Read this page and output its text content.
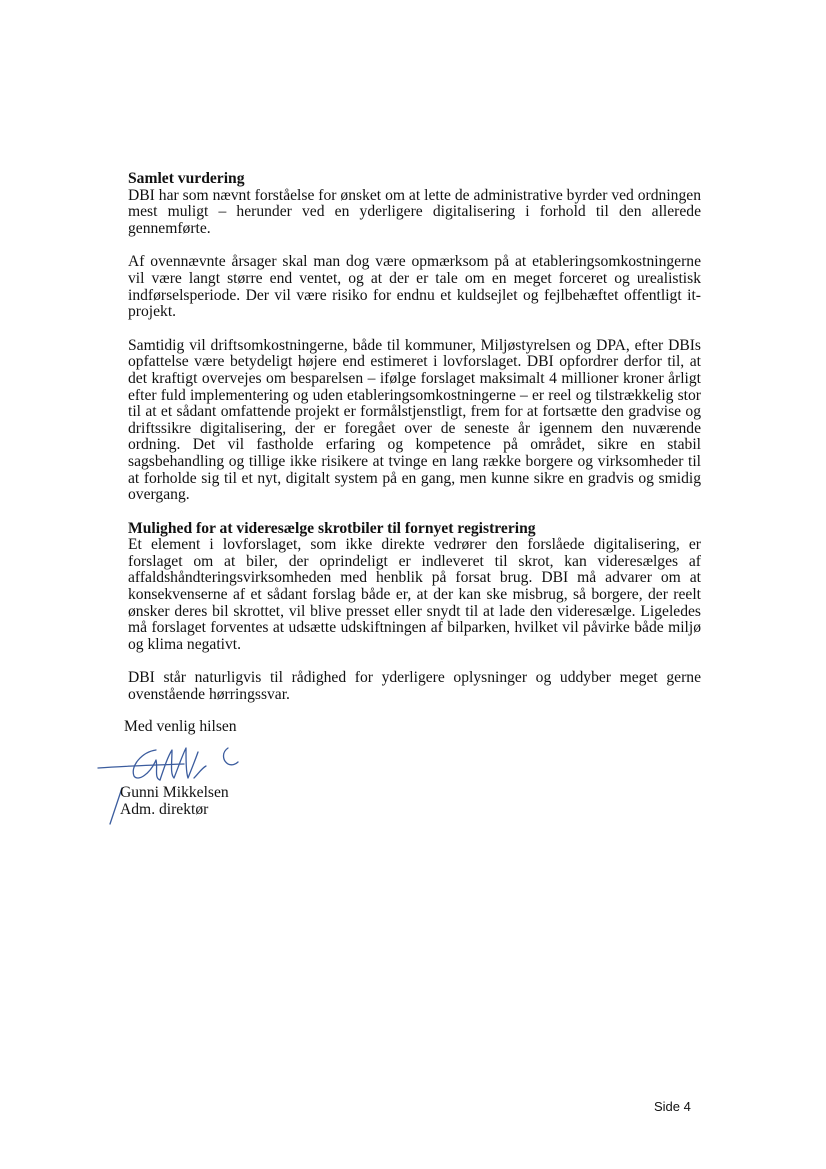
Samlet vurdering

DBI har som nævnt forståelse for ønsket om at lette de administrative byrder ved ordningen mest muligt – herunder ved en yderligere digitalisering i forhold til den allerede gennemførte.

Af ovennævnte årsager skal man dog være opmærksom på at etableringsomkostningerne vil være langt større end ventet, og at der er tale om en meget forceret og urealistisk indførselsperiode. Der vil være risiko for endnu et kuldsejlet og fejlbehæftet offentligt it-projekt.

Samtidig vil driftsomkostningerne, både til kommuner, Miljøstyrelsen og DPA, efter DBIs opfattelse være betydeligt højere end estimeret i lovforslaget. DBI opfordrer derfor til, at det kraftigt overvejes om besparelsen – ifølge forslaget maksimalt 4 millioner kroner årligt efter fuld implementering og uden etableringsomkostningerne – er reel og tilstrækkelig stor til at et sådant omfattende projekt er formålstjenstligt, frem for at fortsætte den gradvise og driftssikre digitalisering, der er foregået over de seneste år igennem den nuværende ordning. Det vil fastholde erfaring og kompetence på området, sikre en stabil sagsbehandling og tillige ikke risikere at tvinge en lang række borgere og virksomheder til at forholde sig til et nyt, digitalt system på en gang, men kunne sikre en gradvis og smidig overgang.

Mulighed for at videresælge skrotbiler til fornyet registrering

Et element i lovforslaget, som ikke direkte vedrører den forslåede digitalisering, er forslaget om at biler, der oprindeligt er indleveret til skrot, kan videresælges af affaldshåndteringsvirksomheden med henblik på forsat brug. DBI må advarer om at konsekvenserne af et sådant forslag både er, at der kan ske misbrug, så borgere, der reelt ønsker deres bil skrottet, vil blive presset eller snydt til at lade den videresælge. Ligeledes må forslaget forventes at udsætte udskiftningen af bilparken, hvilket vil påvirke både miljø og klima negativt.

DBI står naturligvis til rådighed for yderligere oplysninger og uddyber meget gerne ovenstående hørringssvar.

Med venlig hilsen
Gunni Mikkelsen
Adm. direktør
Side 4
